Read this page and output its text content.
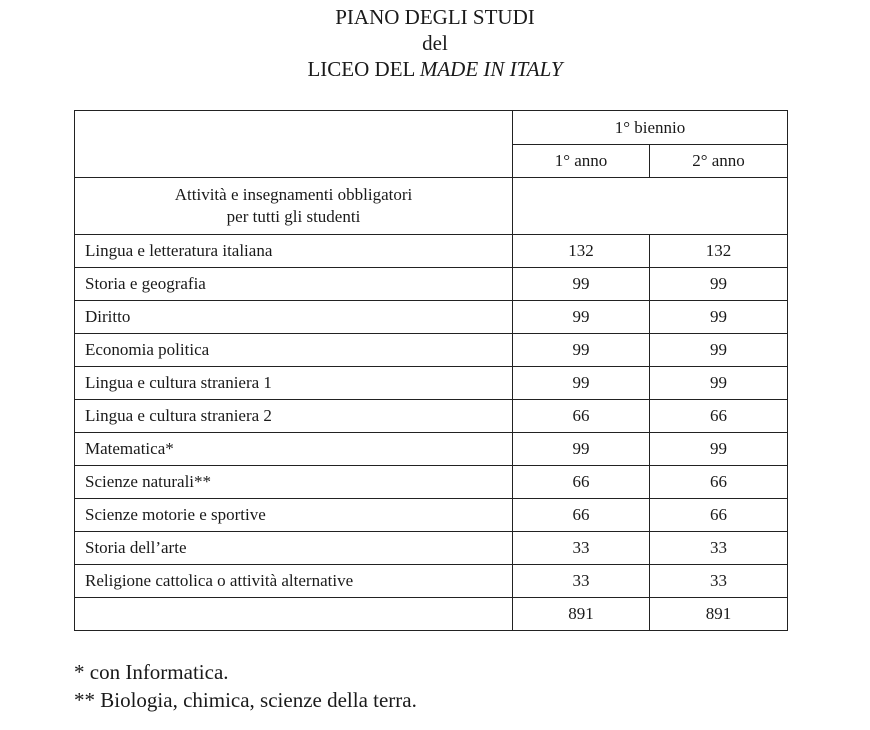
PIANO DEGLI STUDI
del
LICEO DEL MADE IN ITALY
	1° biennio	
	1° anno	2° anno

Attività e insegnamenti obbligatori
per tutti gli studenti		

Lingua e letteratura italiana	132	132
Storia e geografia	99	99
Diritto	99	99
Economia politica	99	99
Lingua e cultura straniera 1	99	99
Lingua e cultura straniera 2	66	66
Matematica*	99	99
Scienze naturali**	66	66
Scienze motorie e sportive	66	66
Storia dell’arte	33	33
Religione cattolica o attività alternative	33	33
	891	891
* con Informatica.
** Biologia, chimica, scienze della terra.
